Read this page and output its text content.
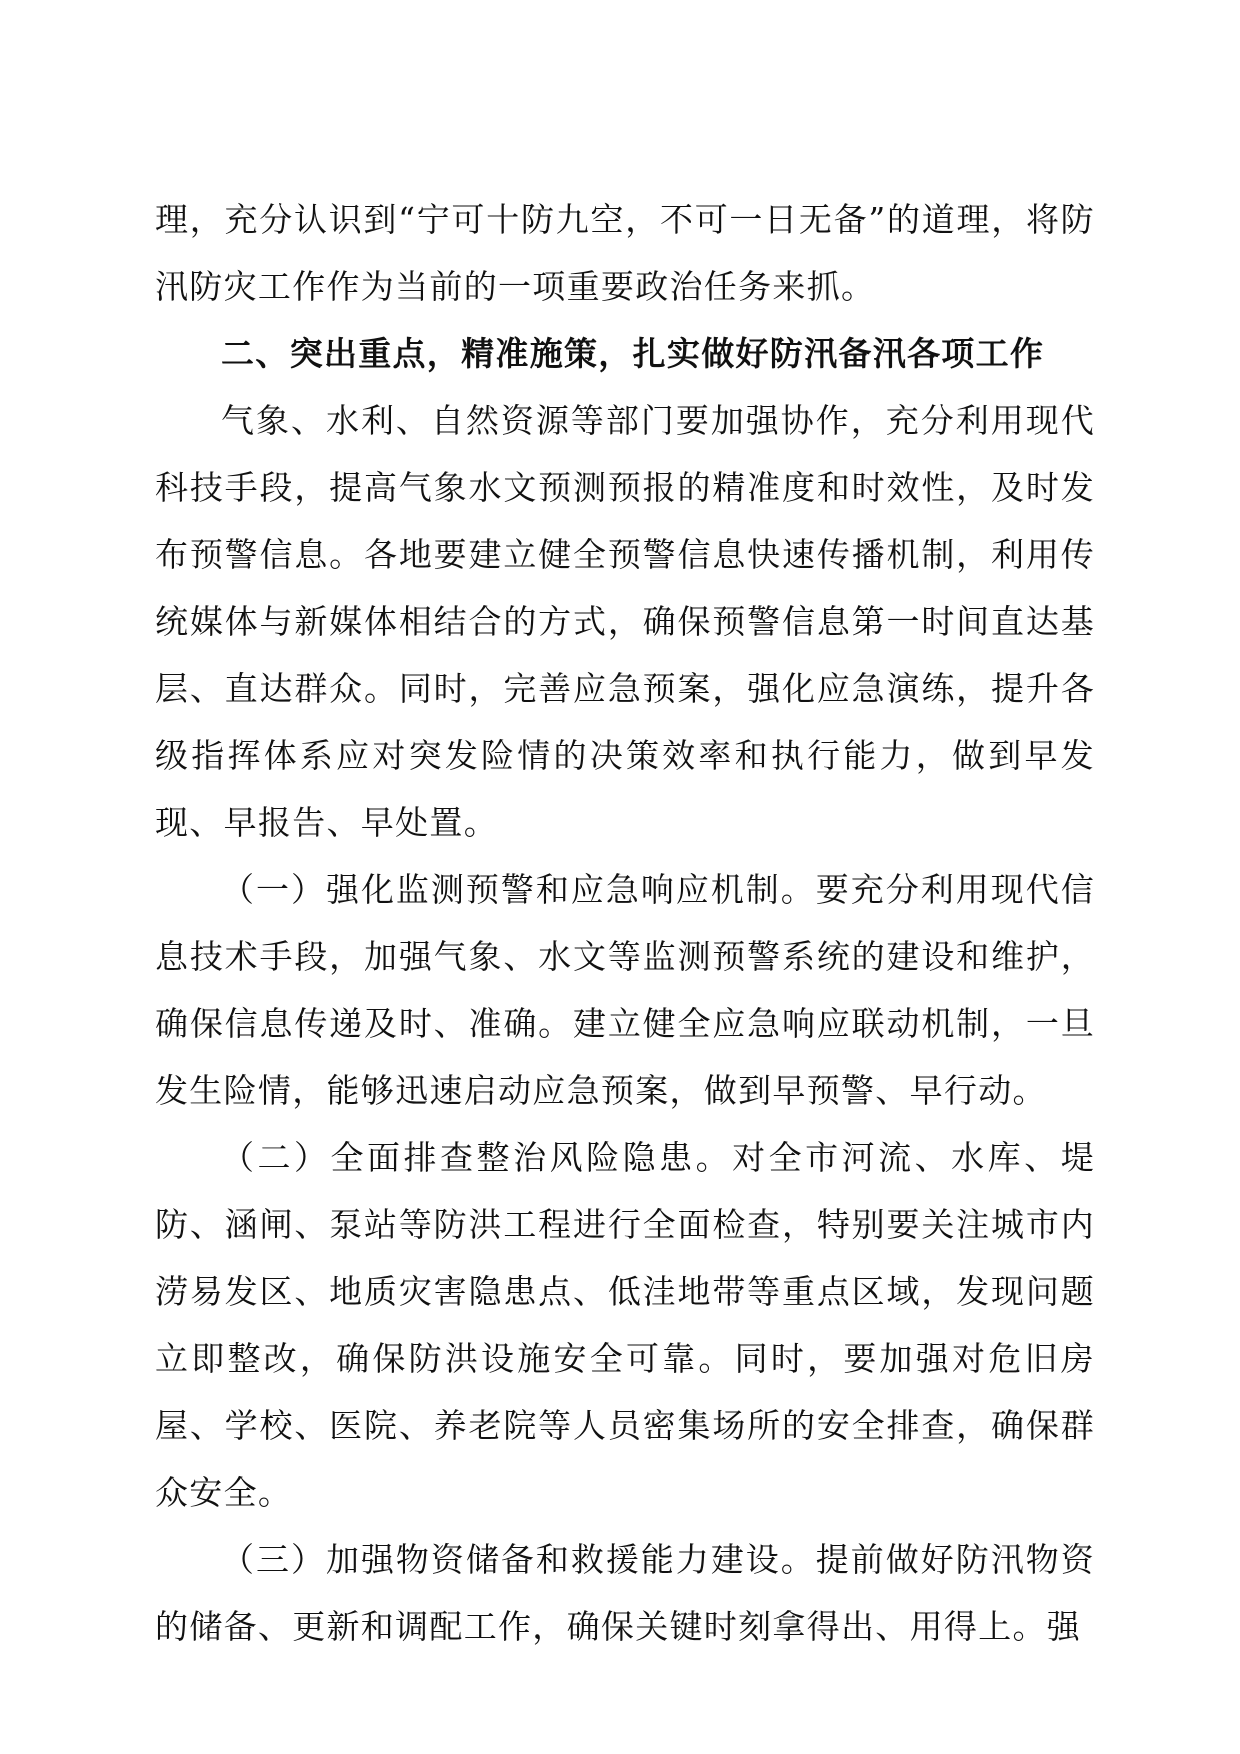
理，充分认识到“宁可十防九空，不可一日无备”的道理，将防汛防灾工作作为当前的一项重要政治任务来抓。

二、突出重点，精准施策，扎实做好防汛备汛各项工作

气象、水利、自然资源等部门要加强协作，充分利用现代科技手段，提高气象水文预测预报的精准度和时效性，及时发布预警信息。各地要建立健全预警信息快速传播机制，利用传统媒体与新媒体相结合的方式，确保预警信息第一时间直达基层、直达群众。同时，完善应急预案，强化应急演练，提升各级指挥体系应对突发险情的决策效率和执行能力，做到早发现、早报告、早处置。

（一）强化监测预警和应急响应机制。要充分利用现代信息技术手段，加强气象、水文等监测预警系统的建设和维护，确保信息传递及时、准确。建立健全应急响应联动机制，一旦发生险情，能够迅速启动应急预案，做到早预警、早行动。

（二）全面排查整治风险隐患。对全市河流、水库、堤防、涵闸、泵站等防洪工程进行全面检查，特别要关注城市内涝易发区、地质灾害隐患点、低洼地带等重点区域，发现问题立即整改，确保防洪设施安全可靠。同时，要加强对危旧房屋、学校、医院、养老院等人员密集场所的安全排查，确保群众安全。

（三）加强物资储备和救援能力建设。提前做好防汛物资的储备、更新和调配工作，确保关键时刻拿得出、用得上。强
